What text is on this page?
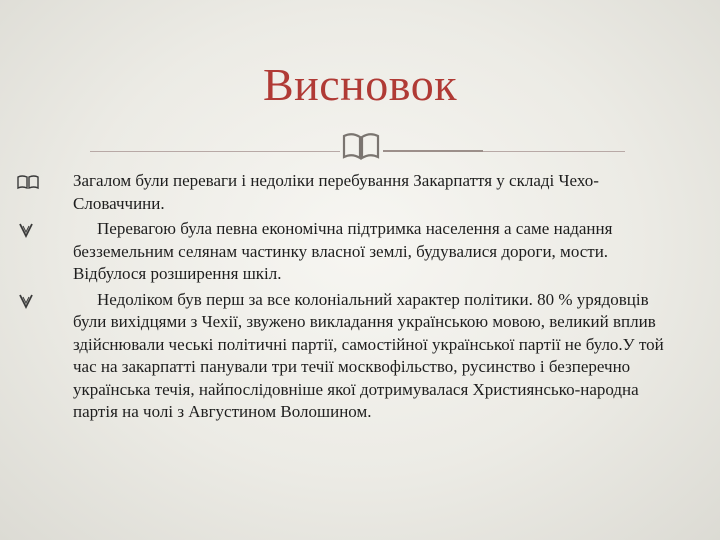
Висновок
Загалом були переваги і недоліки перебування Закарпаття у складі Чехо-Словаччини.
Перевагою була певна економічна підтримка населення а саме надання безземельним селянам частинку власної землі, будувалися дороги, мости. Відбулося розширення шкіл.
Недоліком був перш за все колоніальний характер політики. 80 % урядовців були вихідцями з Чехії, звужено викладання українською мовою, великий вплив здійснювали чеські політичні партії, самостійної української партії не було.У той час на закарпатті панували три течії москвофільство, русинство і безперечно українська течія, найпослідовніше якої дотримувалася Християнсько-народна партія на чолі з Августином Волошином.
